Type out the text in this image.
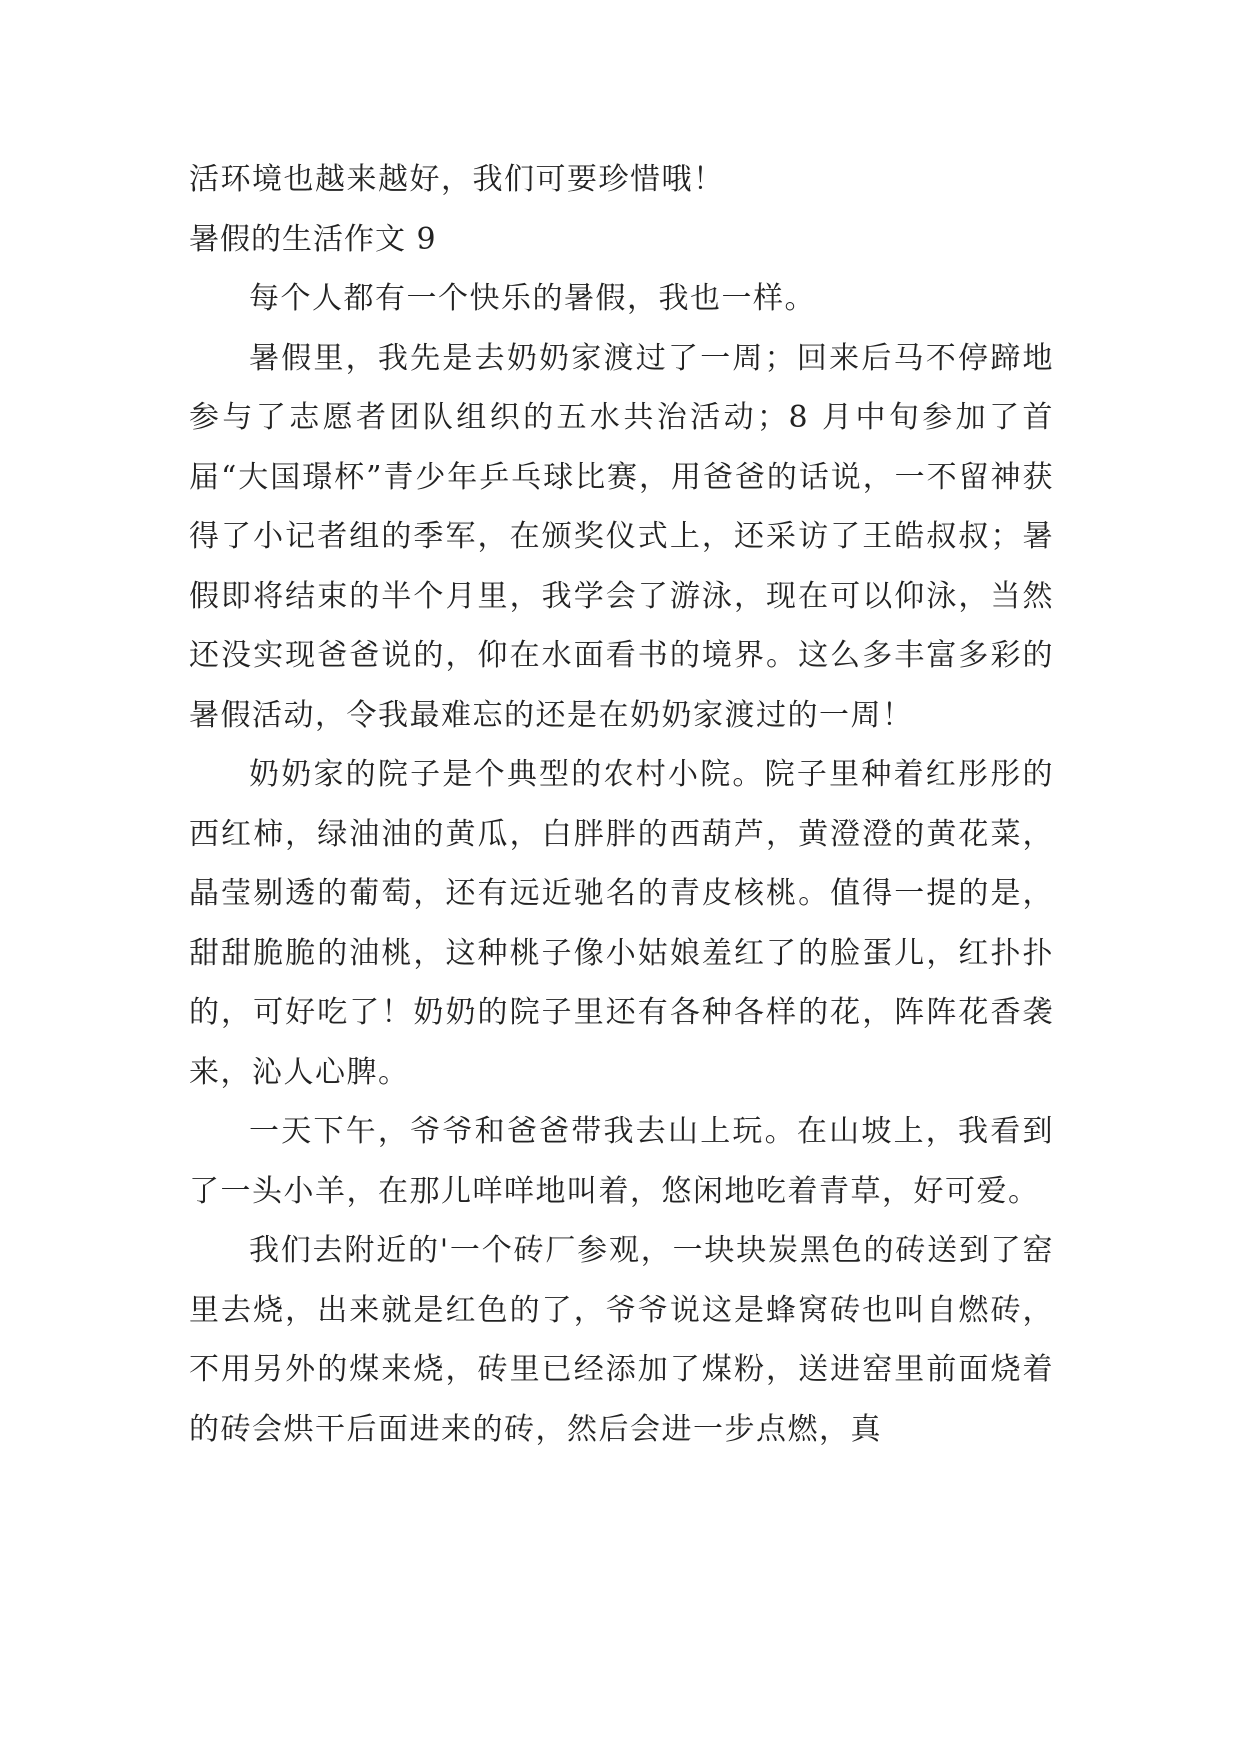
活环境也越来越好，我们可要珍惜哦！

暑假的生活作文 9

每个人都有一个快乐的暑假，我也一样。

暑假里，我先是去奶奶家渡过了一周；回来后马不停蹄地参与了志愿者团队组织的五水共治活动；8 月中旬参加了首届“大国璟杯”青少年乒乓球比赛，用爸爸的话说，一不留神获得了小记者组的季军，在颁奖仪式上，还采访了王皓叔叔；暑假即将结束的半个月里，我学会了游泳，现在可以仰泳，当然还没实现爸爸说的，仰在水面看书的境界。这么多丰富多彩的暑假活动，令我最难忘的还是在奶奶家渡过的一周！

奶奶家的院子是个典型的农村小院。院子里种着红彤彤的西红柿，绿油油的黄瓜，白胖胖的西葫芦，黄澄澄的黄花菜，晶莹剔透的葡萄，还有远近驰名的青皮核桃。值得一提的是，甜甜脆脆的油桃，这种桃子像小姑娘羞红了的脸蛋儿，红扑扑的，可好吃了！奶奶的院子里还有各种各样的花，阵阵花香袭来，沁人心脾。

一天下午，爷爷和爸爸带我去山上玩。在山坡上，我看到了一头小羊，在那儿咩咩地叫着，悠闲地吃着青草，好可爱。

我们去附近的'一个砖厂参观，一块块炭黑色的砖送到了窑里去烧，出来就是红色的了，爷爷说这是蜂窝砖也叫自燃砖，不用另外的煤来烧，砖里已经添加了煤粉，送进窑里前面烧着的砖会烘干后面进来的砖，然后会进一步点燃，真
